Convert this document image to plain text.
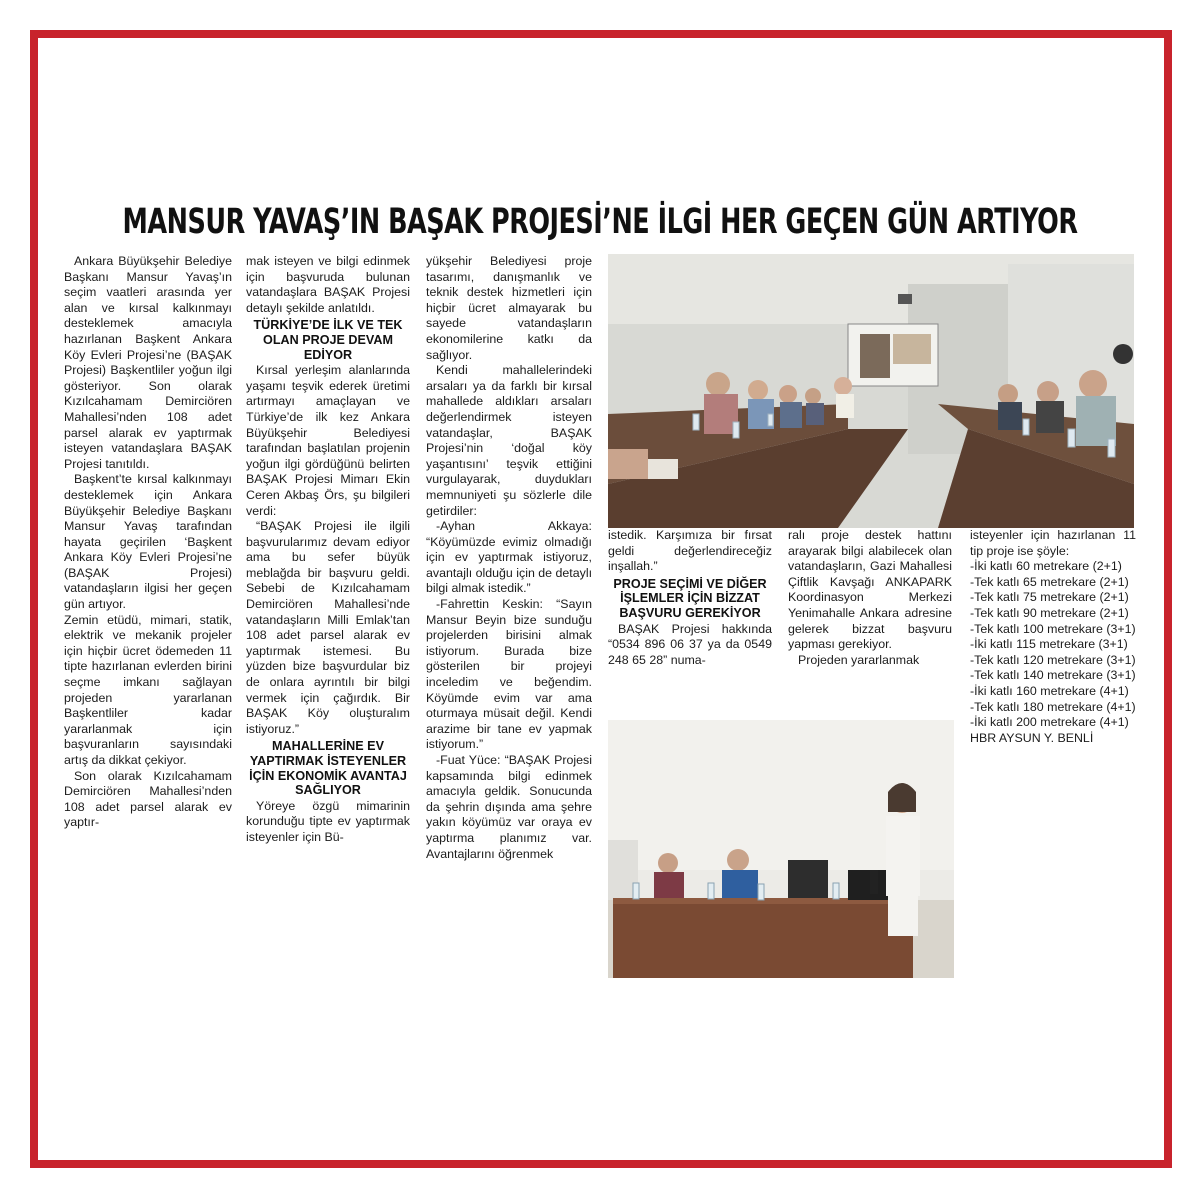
MANSUR YAVAŞ’IN BAŞAK PROJESİ’NE İLGİ HER GEÇEN GÜN ARTIYOR

Ankara Büyükşehir Belediye Başkanı Mansur Yavaş’ın seçim vaatleri arasında yer alan ve kırsal kalkınmayı desteklemek amacıyla hazırlanan Başkent Ankara Köy Evleri Projesi’ne (BAŞAK Projesi) Başkentliler yoğun ilgi gösteriyor. Son olarak Kızılcahamam Demirciören Mahallesi’nden 108 adet parsel alarak ev yaptırmak isteyen vatandaşlara BAŞAK Projesi tanıtıldı.

Başkent’te kırsal kalkınmayı desteklemek için Ankara Büyükşehir Belediye Başkanı Mansur Yavaş tarafından hayata geçirilen ‘Başkent Ankara Köy Evleri Projesi’ne (BAŞAK Projesi) vatandaşların ilgisi her geçen gün artıyor.

Zemin etüdü, mimari, statik, elektrik ve mekanik projeler için hiçbir ücret ödemeden 11 tipte hazırlanan evlerden birini seçme imkanı sağlayan projeden yararlanan Başkentliler kadar yararlanmak için başvuranların sayısındaki artış da dikkat çekiyor.

Son olarak Kızılcahamam Demirciören Mahallesi’nden 108 adet parsel alarak ev yaptır-

mak isteyen ve bilgi edinmek için başvuruda bulunan vatandaşlara BAŞAK Projesi detaylı şekilde anlatıldı.

TÜRKİYE’DE İLK VE TEK OLAN PROJE DEVAM EDİYOR

Kırsal yerleşim alanlarında yaşamı teşvik ederek üretimi artırmayı amaçlayan ve Türkiye’de ilk kez Ankara Büyükşehir Belediyesi tarafından başlatılan projenin yoğun ilgi gördüğünü belirten BAŞAK Projesi Mimarı Ekin Ceren Akbaş Örs, şu bilgileri verdi:

“BAŞAK Projesi ile ilgili başvurularımız devam ediyor ama bu sefer büyük meblağda bir başvuru geldi. Sebebi de Kızılcahamam Demirciören Mahallesi’nde vatandaşların Milli Emlak’tan 108 adet parsel alarak ev yaptırmak istemesi. Bu yüzden bize başvurdular biz de onlara ayrıntılı bir bilgi vermek için çağırdık. Bir BAŞAK Köy oluşturalım istiyoruz.”

MAHALLERİNE EV YAPTIRMAK İSTEYENLER İÇİN EKONOMİK AVANTAJ SAĞLIYOR

Yöreye özgü mimarinin korunduğu tipte ev yaptırmak isteyenler için Bü-

yükşehir Belediyesi proje tasarımı, danışmanlık ve teknik destek hizmetleri için hiçbir ücret almayarak bu sayede vatandaşların ekonomilerine katkı da sağlıyor.

Kendi mahallelerindeki arsaları ya da farklı bir kırsal mahallede aldıkları arsaları değerlendirmek isteyen vatandaşlar, BAŞAK Projesi’nin ‘doğal köy yaşantısını’ teşvik ettiğini vurgulayarak, duydukları memnuniyeti şu sözlerle dile getirdiler:

-Ayhan Akkaya: “Köyümüzde evimiz olmadığı için ev yaptırmak istiyoruz, avantajlı olduğu için de detaylı bilgi almak istedik.”

-Fahrettin Keskin: “Sayın Mansur Beyin bize sunduğu projelerden birisini almak istiyorum. Burada bize gösterilen bir projeyi inceledim ve beğendim. Köyümde evim var ama oturmaya müsait değil. Kendi arazime bir tane ev yapmak istiyorum.”

-Fuat Yüce: “BAŞAK Projesi kapsamında bilgi edinmek amacıyla geldik. Sonucunda da şehrin dışında ama şehre yakın köyümüz var oraya ev yaptırma planımız var. Avantajlarını öğrenmek

istedik. Karşımıza bir fırsat geldi değerlendireceğiz inşallah.”

PROJE SEÇİMİ VE DİĞER İŞLEMLER İÇİN BİZZAT BAŞVURU GEREKİYOR

BAŞAK Projesi hakkında “0534 896 06 37 ya da 0549 248 65 28” numa-

ralı proje destek hattını arayarak bilgi alabilecek olan vatandaşların, Gazi Mahallesi Çiftlik Kavşağı ANKAPARK Koordinasyon Merkezi Yenimahalle Ankara adresine gelerek bizzat başvuru yapması gerekiyor.

Projeden yararlanmak

isteyenler için hazırlanan 11 tip proje ise şöyle:

-İki katlı 60 metrekare (2+1)

-Tek katlı 65 metrekare (2+1)

-Tek katlı 75 metrekare (2+1)

-Tek katlı 90 metrekare (2+1)

-Tek katlı 100 metrekare (3+1)

-İki katlı 115 metrekare (3+1)

-Tek katlı 120 metrekare (3+1)

-Tek katlı 140 metrekare (3+1)

-İki katlı 160 metrekare (4+1)

-Tek katlı 180 metrekare (4+1)

-İki katlı 200 metrekare (4+1)

HBR AYSUN Y. BENLİ
